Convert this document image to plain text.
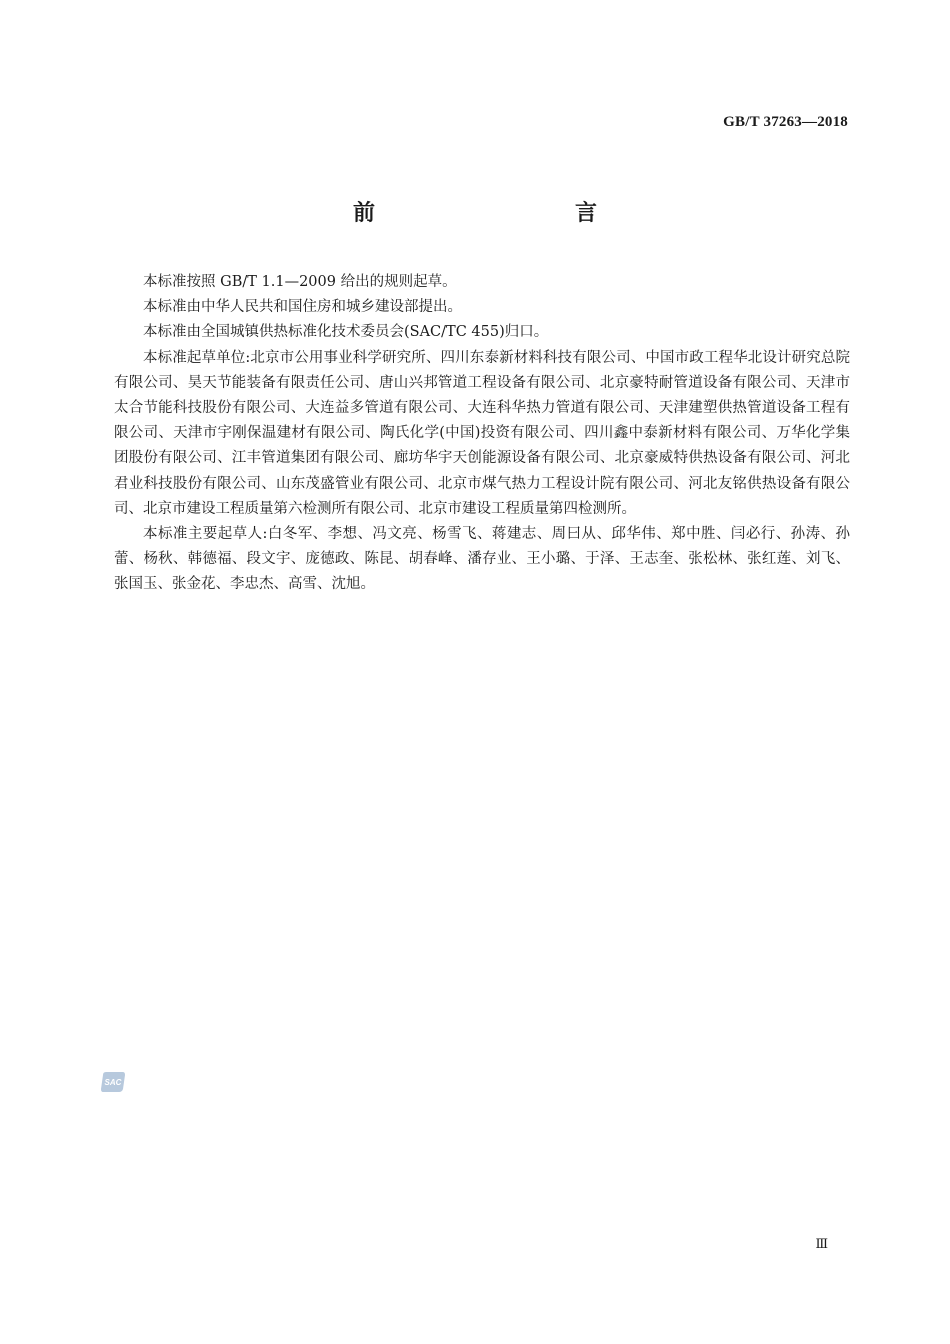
GB/T 37263—2018
前　　言

本标准按照 GB/T 1.1—2009 给出的规则起草。

本标准由中华人民共和国住房和城乡建设部提出。

本标准由全国城镇供热标准化技术委员会(SAC/TC 455)归口。

本标准起草单位:北京市公用事业科学研究所、四川东泰新材料科技有限公司、中国市政工程华北设计研究总院有限公司、昊天节能装备有限责任公司、唐山兴邦管道工程设备有限公司、北京豪特耐管道设备有限公司、天津市太合节能科技股份有限公司、大连益多管道有限公司、大连科华热力管道有限公司、天津建塑供热管道设备工程有限公司、天津市宇刚保温建材有限公司、陶氏化学(中国)投资有限公司、四川鑫中泰新材料有限公司、万华化学集团股份有限公司、江丰管道集团有限公司、廊坊华宇天创能源设备有限公司、北京豪威特供热设备有限公司、河北君业科技股份有限公司、山东茂盛管业有限公司、北京市煤气热力工程设计院有限公司、河北友铭供热设备有限公司、北京市建设工程质量第六检测所有限公司、北京市建设工程质量第四检测所。

本标准主要起草人:白冬军、李想、冯文亮、杨雪飞、蒋建志、周曰从、邱华伟、郑中胜、闫必行、孙涛、孙蕾、杨秋、韩德福、段文宇、庞德政、陈昆、胡春峰、潘存业、王小璐、于泽、王志奎、张松林、张红莲、刘飞、张国玉、张金花、李忠杰、高雪、沈旭。

SAC
Ⅲ
